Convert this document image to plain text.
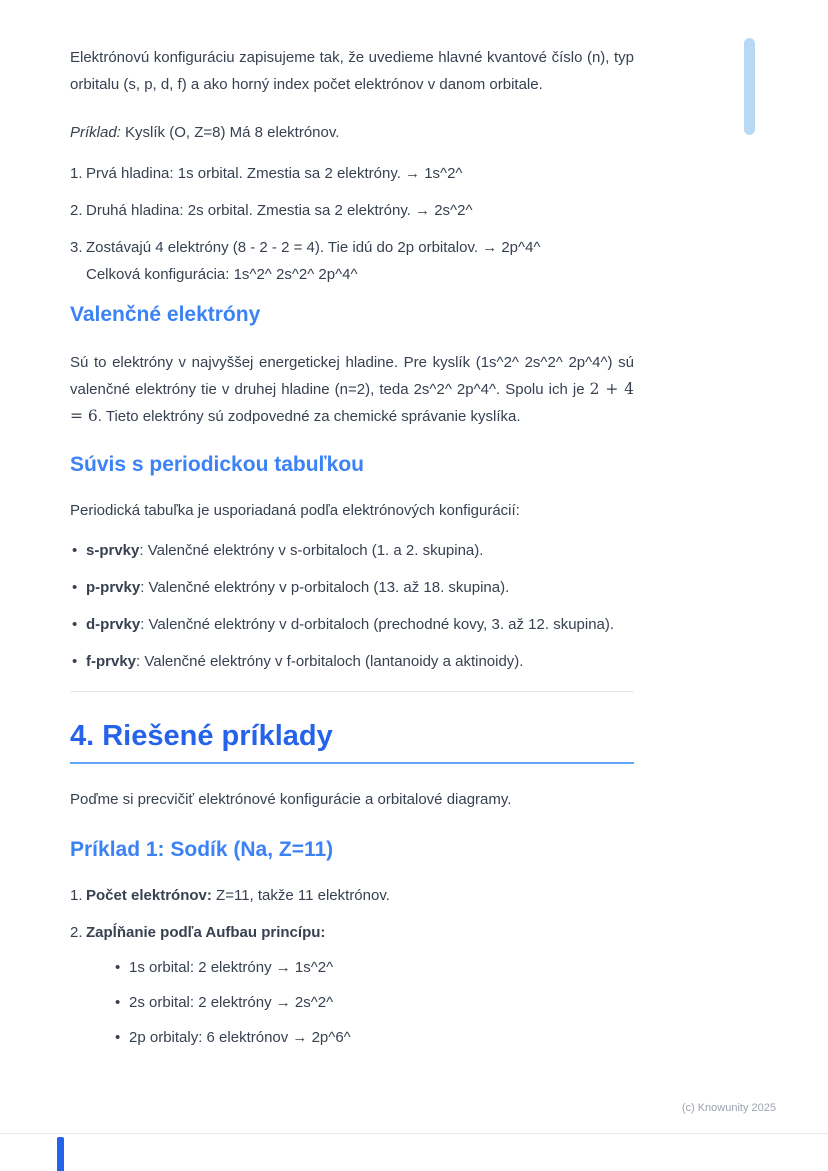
Elektrónovú konfiguráciu zapisujeme tak, že uvedieme hlavné kvantové číslo (n), typ orbitalu (s, p, d, f) a ako horný index počet elektrónov v danom orbitale.

Príklad: Kyslík (O, Z=8) Má 8 elektrónov.

1. Prvá hladina: 1s orbital. Zmestia sa 2 elektróny. → 1s^2^
2. Druhá hladina: 2s orbital. Zmestia sa 2 elektróny. → 2s^2^
3. Zostávajú 4 elektróny (8 - 2 - 2 = 4). Tie idú do 2p orbitalov. → 2p^4^
Celková konfigurácia: 1s^2^ 2s^2^ 2p^4^
Valenčné elektróny

Sú to elektróny v najvyššej energetickej hladine. Pre kyslík (1s^2^ 2s^2^ 2p^4^) sú valenčné elektróny tie v druhej hladine (n=2), teda 2s^2^ 2p^4^. Spolu ich je 2 + 4 = 6. Tieto elektróny sú zodpovedné za chemické správanie kyslíka.

Súvis s periodickou tabuľkou

Periodická tabuľka je usporiadaná podľa elektrónových konfigurácií:

• s-prvky: Valenčné elektróny v s-orbitaloch (1. a 2. skupina).
• p-prvky: Valenčné elektróny v p-orbitaloch (13. až 18. skupina).
• d-prvky: Valenčné elektróny v d-orbitaloch (prechodné kovy, 3. až 12. skupina).
• f-prvky: Valenčné elektróny v f-orbitaloch (lantanoidy a aktinoidy).
4. Riešené príklady

Poďme si precvičiť elektrónové konfigurácie a orbitalové diagramy.

Príklad 1: Sodík (Na, Z=11)
1. Počet elektrónov: Z=11, takže 11 elektrónov.
2. Zapĺňanie podľa Aufbau princípu:
• 1s orbital: 2 elektróny → 1s^2^
• 2s orbital: 2 elektróny → 2s^2^
• 2p orbitaly: 6 elektrónov → 2p^6^
(c) Knowunity 2025
